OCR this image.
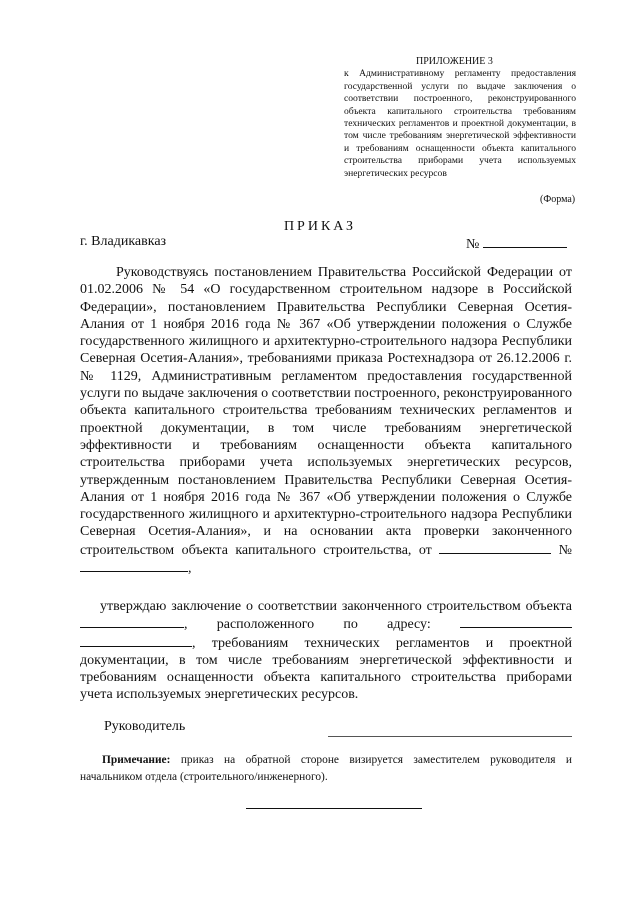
ПРИЛОЖЕНИЕ 3

к Административному регламенту предоставления государственной услуги по выдаче заключения о соответствии построенного, реконструированного объекта капитального строительства требованиям технических регламентов и проектной документации, в том числе требованиям энергетической эффективности и требованиям оснащенности объекта капитального строительства приборами учета используемых энергетических ресурсов

(Форма)
ПРИКАЗ
г. Владикавказ	№

Руководствуясь постановлением Правительства Российской Федерации от 01.02.2006 № 54 «О государственном строительном надзоре в Российской Федерации», постановлением Правительства Республики Северная Осетия-Алания от 1 ноября 2016 года № 367 «Об утверждении положения о Службе государственного жилищного и архитектурно-строительного надзора Республики Северная Осетия-Алания», требованиями приказа Ростехнадзора от 26.12.2006 г. № 1129, Административным регламентом предоставления государственной услуги по выдаче заключения о соответствии построенного, реконструированного объекта капитального строительства требованиям технических регламентов и проектной документации, в том числе требованиям энергетической эффективности и требованиям оснащенности объекта капитального строительства приборами учета используемых энергетических ресурсов, утвержденным постановлением Правительства Республики Северная Осетия-Алания от 1 ноября 2016 года № 367 «Об утверждении положения о Службе государственного жилищного и архитектурно-строительного надзора Республики Северная Осетия-Алания», и на основании акта проверки законченного строительством объекта капитального строительства, от	№ ,

утверждаю заключение о соответствии законченного строительством объекта , расположенного по адресу:  , требованиям технических регламентов и проектной документации, в том числе требованиям энергетической эффективности и требованиям оснащенности объекта капитального строительства приборами учета используемых энергетических ресурсов.

Руководитель

Примечание: приказ на обратной стороне визируется заместителем руководителя и начальником отдела (строительного/инженерного).
